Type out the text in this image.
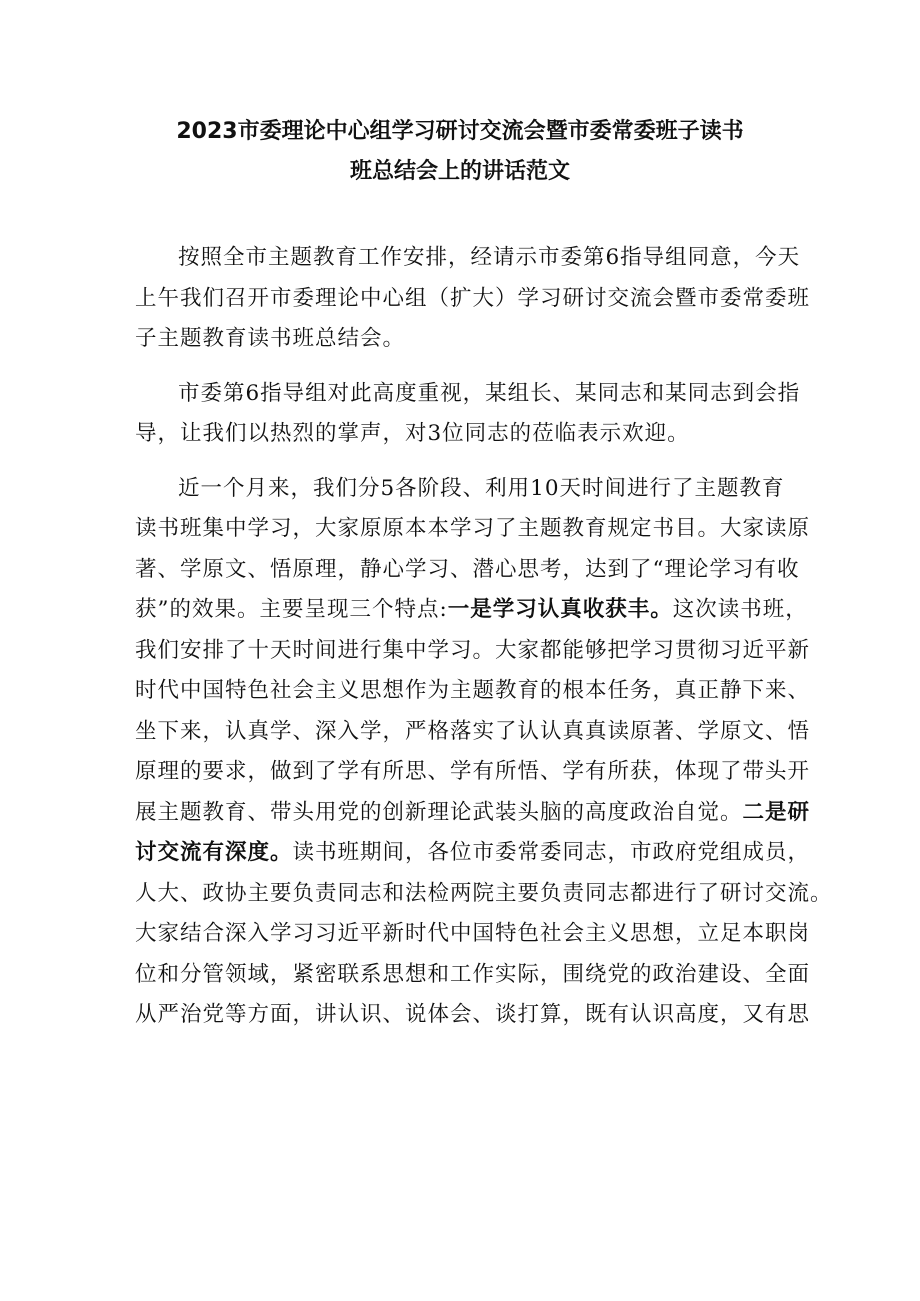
2023市委理论中心组学习研讨交流会暨市委常委班子读书
班总结会上的讲话范文
按照全市主题教育工作安排，经请示市委第6指导组同意，今天
上午我们召开市委理论中心组（扩大）学习研讨交流会暨市委常委班
子主题教育读书班总结会。
市委第6指导组对此高度重视，某组长、某同志和某同志到会指
导，让我们以热烈的掌声，对3位同志的莅临表示欢迎。
近一个月来，我们分5各阶段、利用10天时间进行了主题教育
读书班集中学习，大家原原本本学习了主题教育规定书目。大家读原
著、学原文、悟原理，静心学习、潜心思考，达到了“理论学习有收
获”的效果。主要呈现三个特点:一是学习认真收获丰。这次读书班，
我们安排了十天时间进行集中学习。大家都能够把学习贯彻习近平新
时代中国特色社会主义思想作为主题教育的根本任务，真正静下来、
坐下来，认真学、深入学，严格落实了认认真真读原著、学原文、悟
原理的要求，做到了学有所思、学有所悟、学有所获，体现了带头开
展主题教育、带头用党的创新理论武装头脑的高度政治自觉。二是研
讨交流有深度。读书班期间，各位市委常委同志，市政府党组成员，
人大、政协主要负责同志和法检两院主要负责同志都进行了研讨交流。
大家结合深入学习习近平新时代中国特色社会主义思想，立足本职岗
位和分管领域，紧密联系思想和工作实际，围绕党的政治建设、全面
从严治党等方面，讲认识、说体会、谈打算，既有认识高度，又有思
